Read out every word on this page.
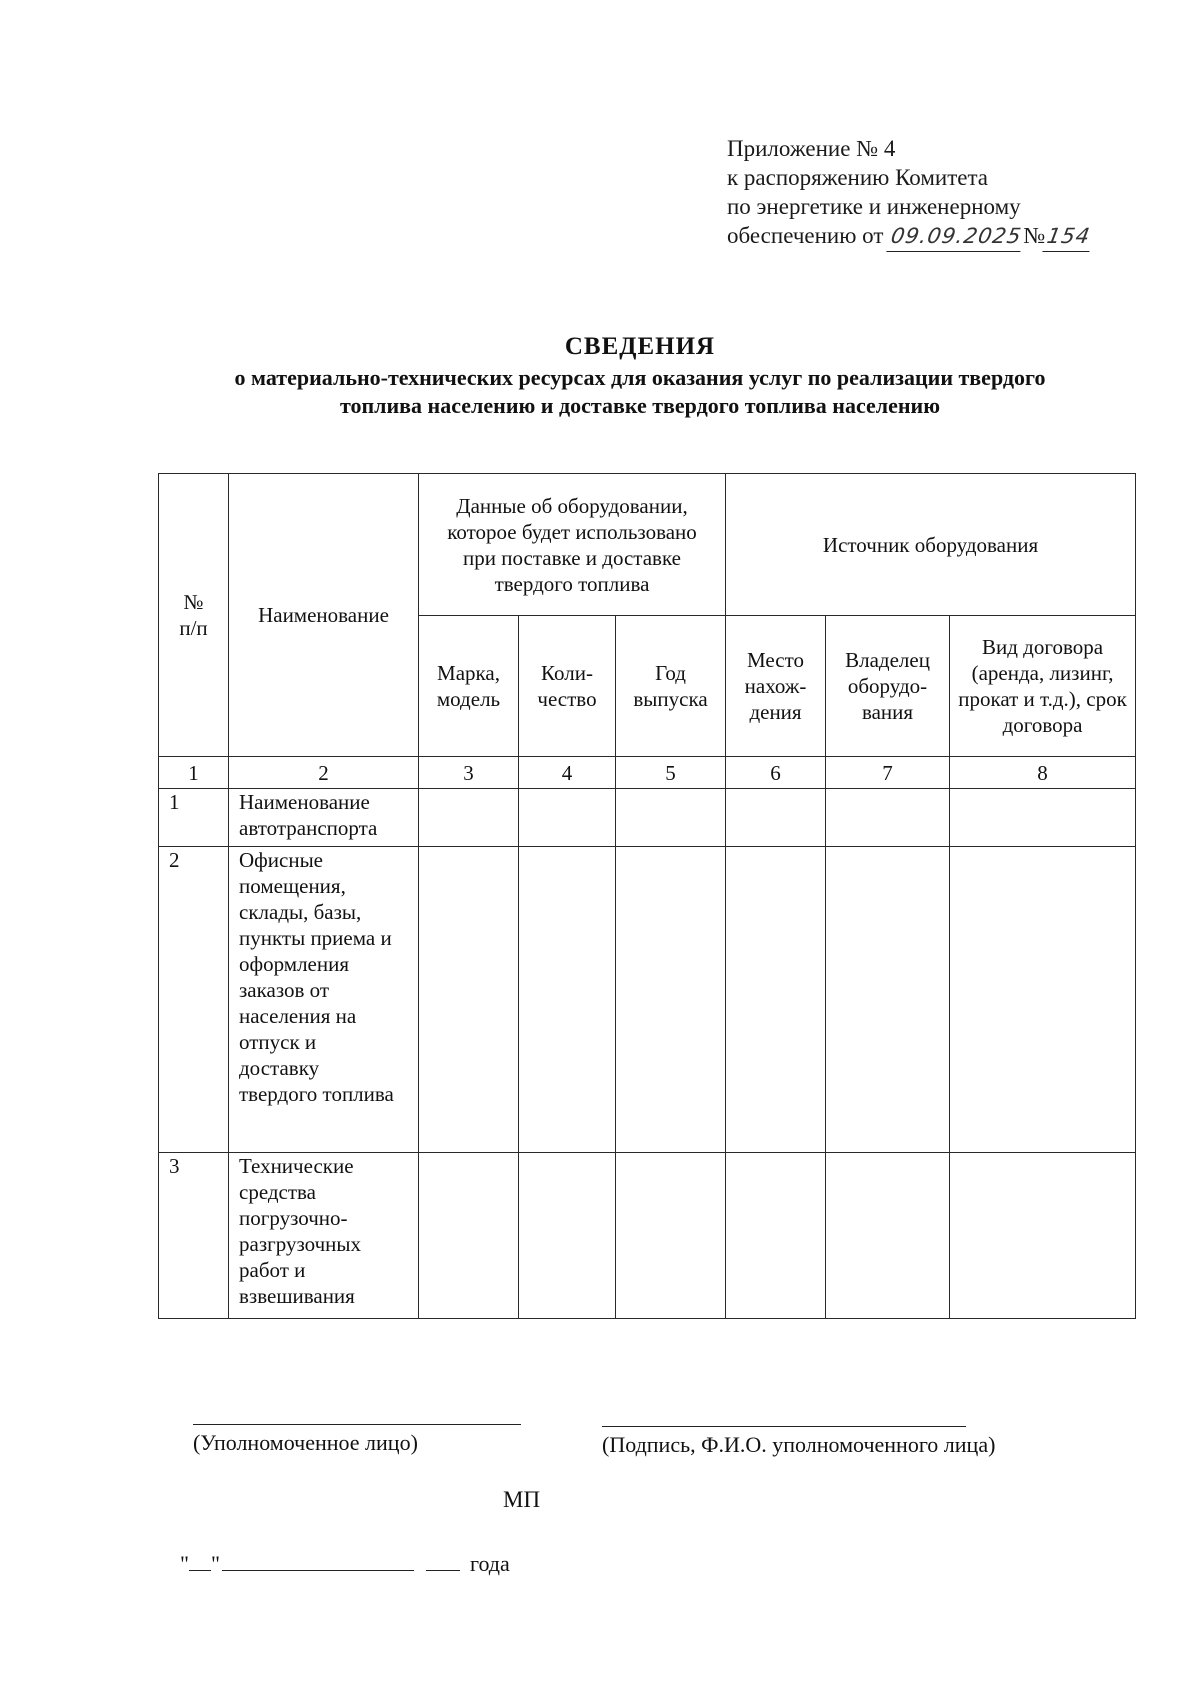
Приложение № 4
к распоряжению Комитета
по энергетике и инженерному
обеспечению от 09.09.2025№154
СВЕДЕНИЯ
о материально-технических ресурсах для оказания услуг по реализации твердого
топлива населению и доставке твердого топлива населению
№ п/п	Наименование	Данные об оборудовании, которое будет использовано при поставке и доставке твердого топлива			Источник оборудования		
		Марка, модель	Коли-чество	Год выпуска	Место нахож-дения	Владелец оборудо-вания	Вид договора (аренда, лизинг, прокат и т.д.), срок договора
1	2	3	4	5	6	7	8
1	Наименование автотранспорта						
2	Офисные помещения, склады, базы, пункты приема и оформления заказов от населения на отпуск и доставку твердого топлива						
3	Технические средства погрузочно-разгрузочных работ и взвешивания						
(Уполномоченное лицо)	(Подпись, Ф.И.О. уполномоченного лица)
МП
" "	года
